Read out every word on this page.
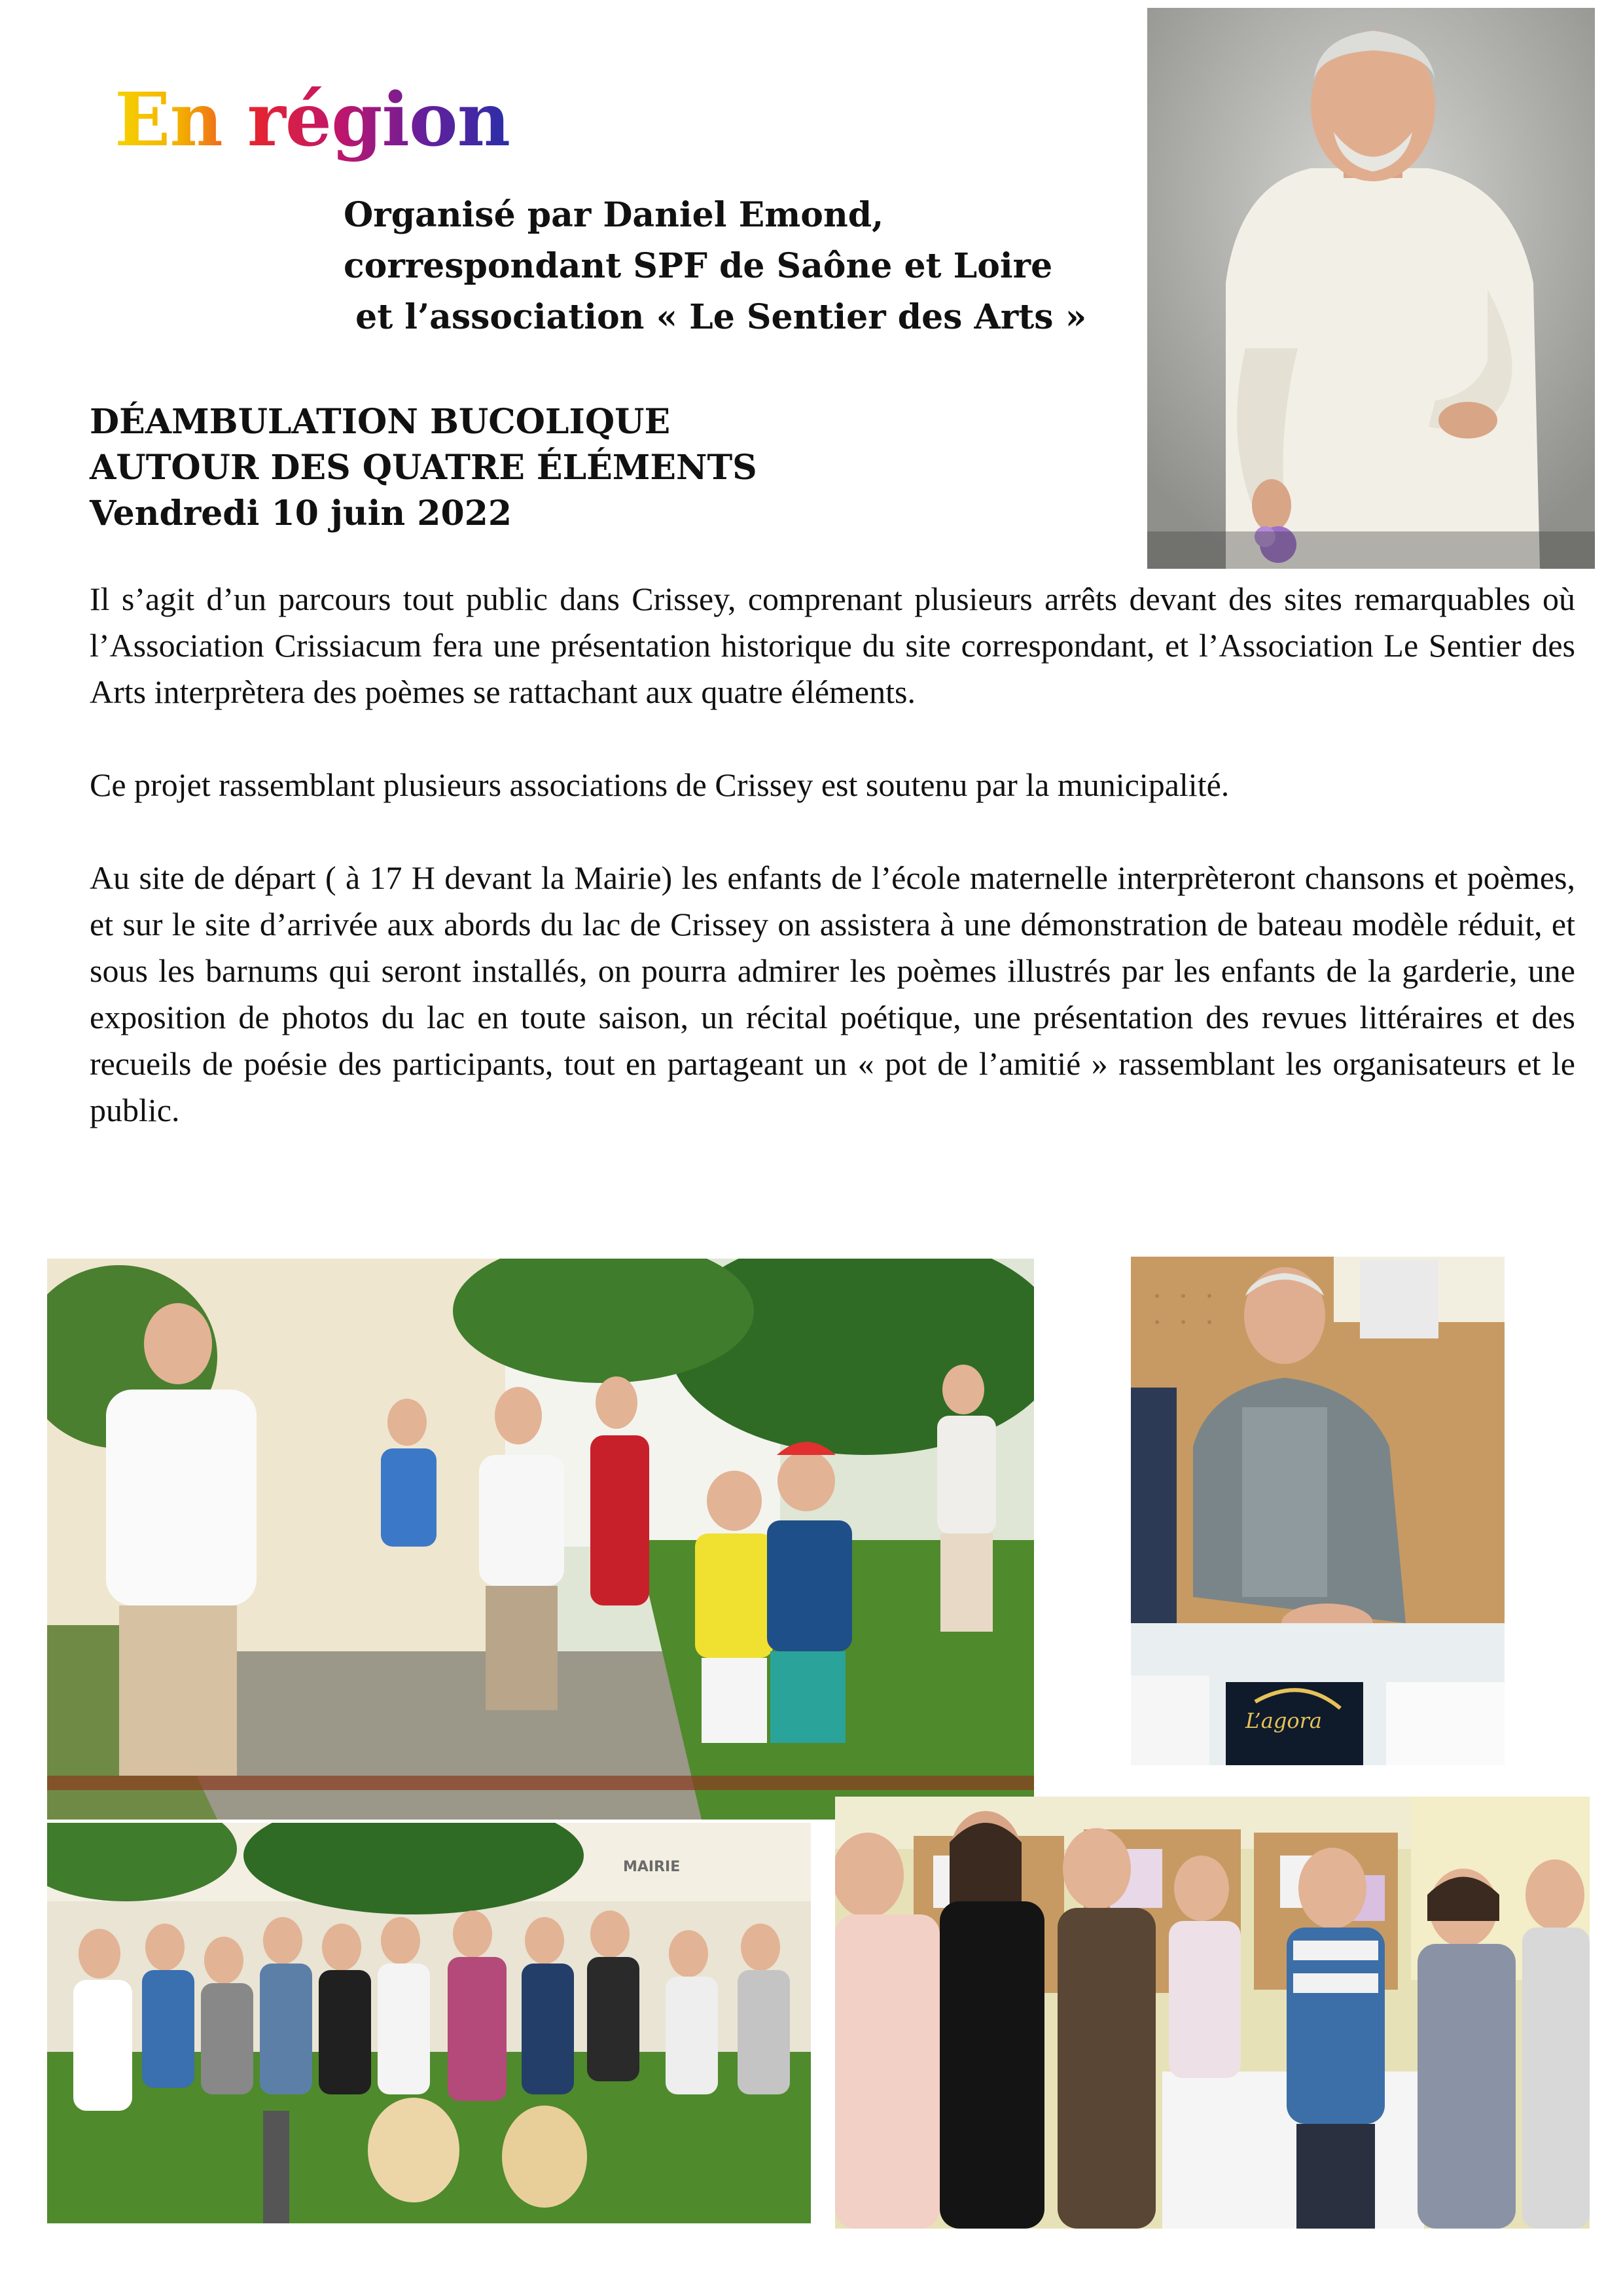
En région
Organisé par Daniel Emond,
correspondant SPF de Saône et Loire
et l’association « Le Sentier des Arts »
DÉAMBULATION BUCOLIQUE
AUTOUR DES QUATRE ÉLÉMENTS
Vendredi 10 juin 2022

Il s’agit d’un parcours tout public dans Crissey, comprenant plusieurs arrêts devant des sites remarquables où l’Association Crissiacum fera une présentation historique du site correspondant, et l’Association Le Sentier des Arts interprètera des poèmes se rattachant aux quatre éléments.

Ce projet rassemblant plusieurs associations de Crissey est soutenu par la municipalité.

Au site de départ ( à 17 H devant la Mairie) les enfants de l’école maternelle interprèteront chansons et poèmes, et sur le site d’arrivée aux abords du lac de Crissey on assistera à une démonstration de bateau modèle réduit, et sous les barnums qui seront installés, on pourra admirer les poèmes illustrés par les enfants de la garderie, une exposition de photos du lac en toute saison, un récital poétique, une présentation des revues littéraires et des recueils de poésie des participants, tout en partageant un « pot de l’amitié » rassemblant les organisateurs et le public.

L’agora
MAIRIE
